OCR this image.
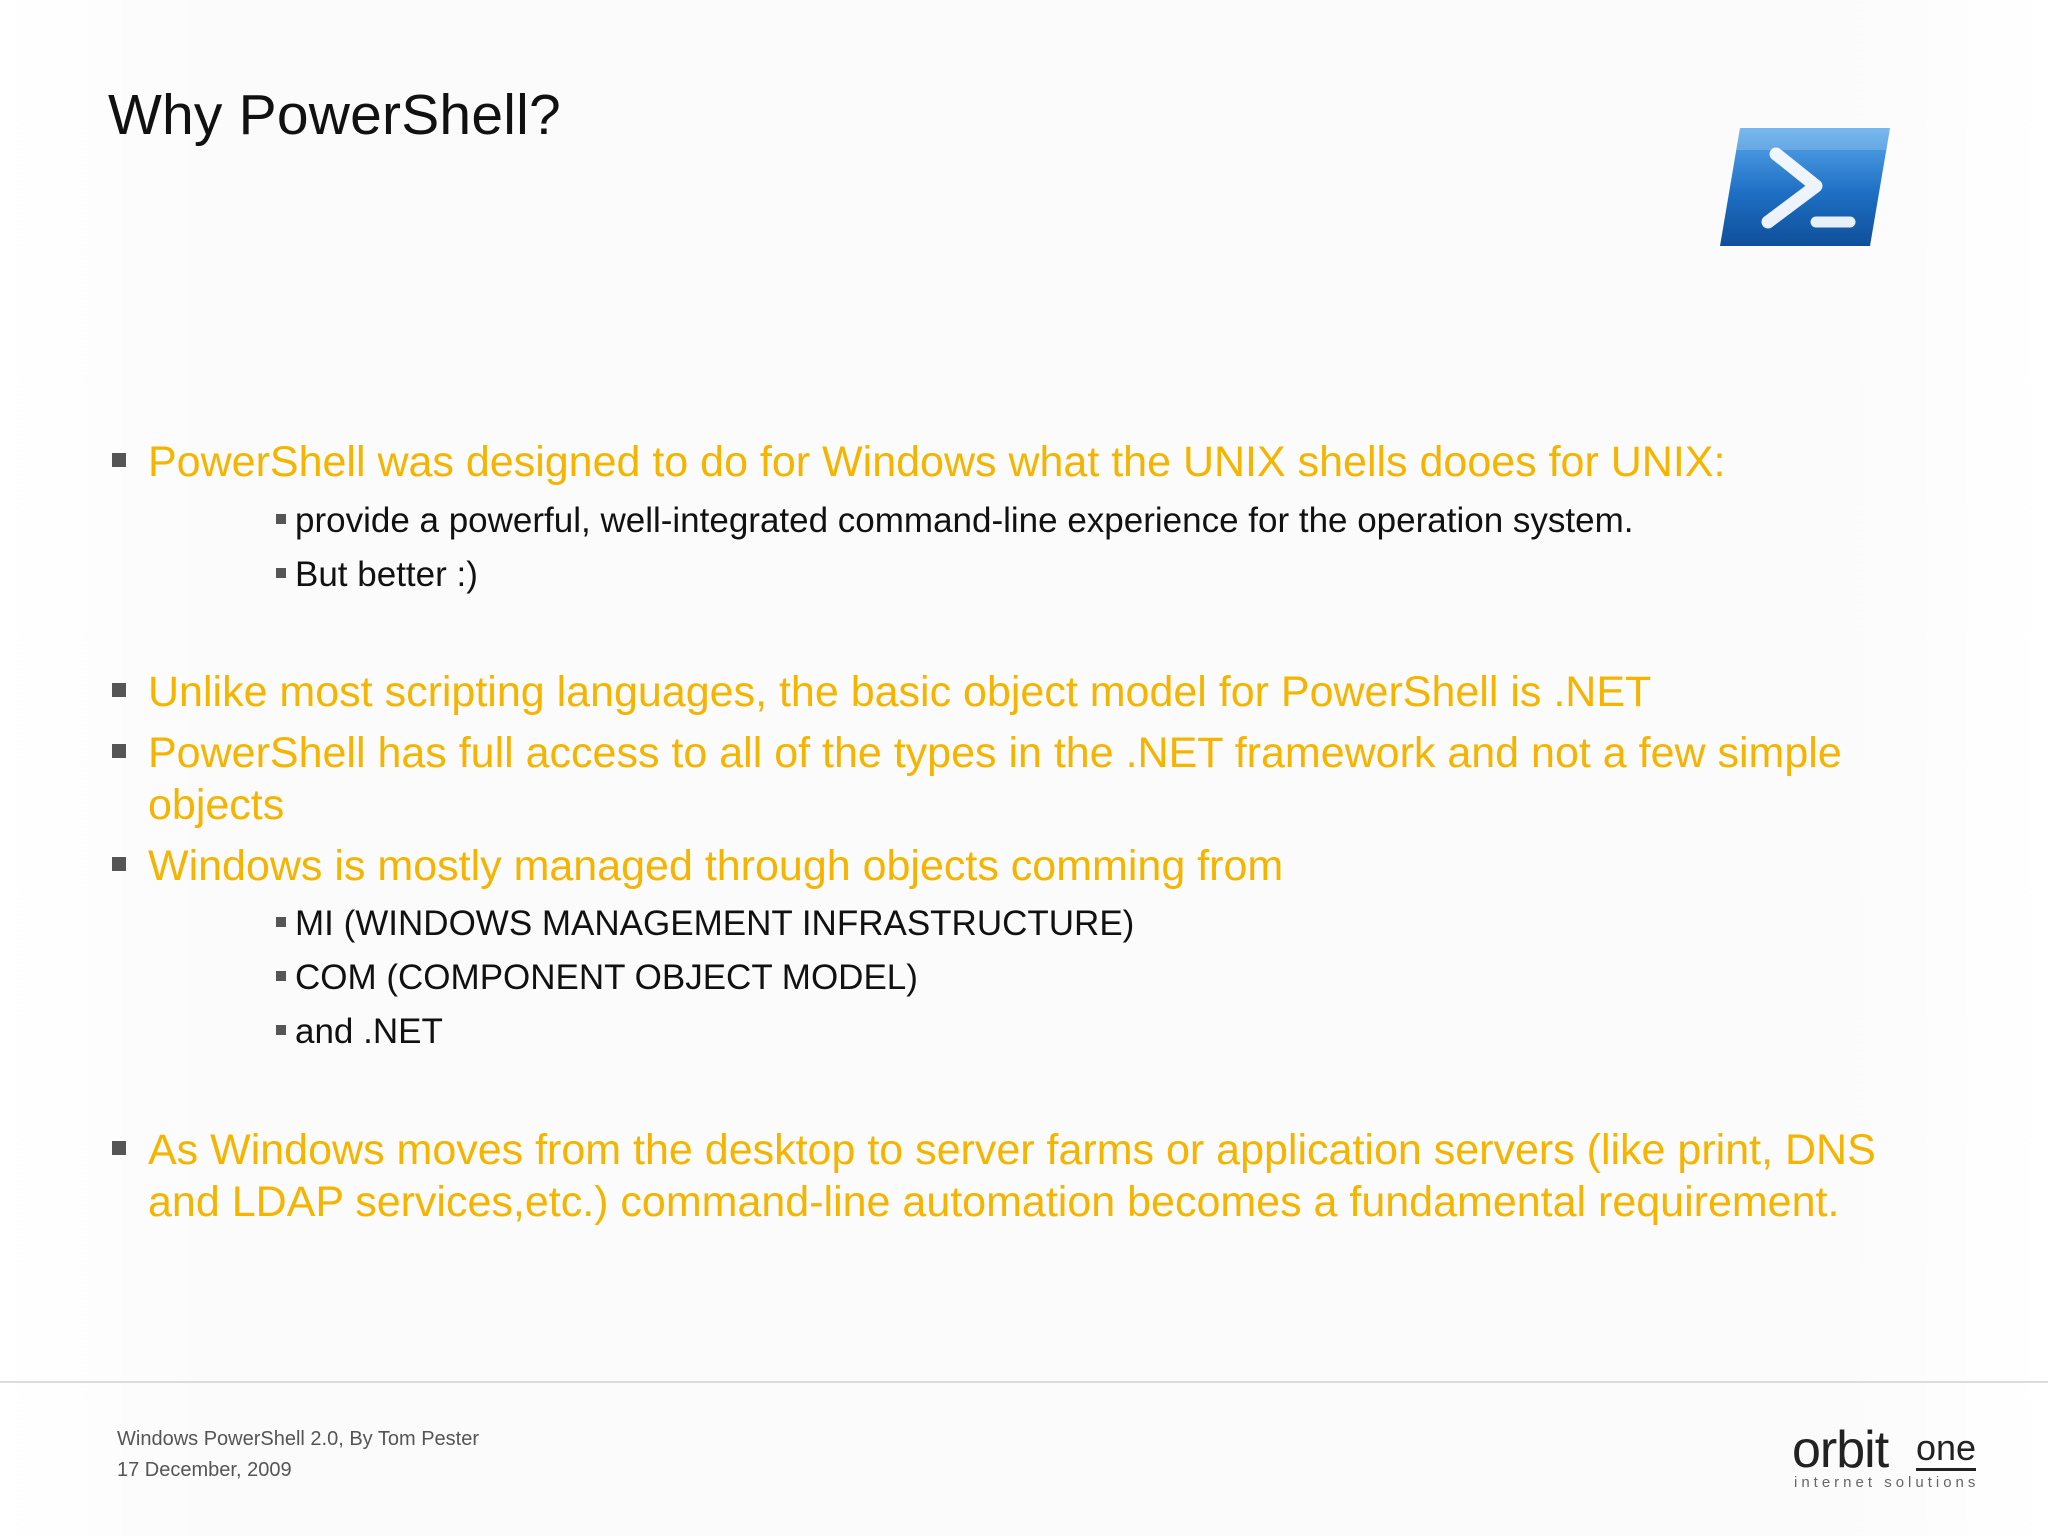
Why PowerShell?
PowerShell was designed to do for Windows what the UNIX shells dooes for UNIX:
provide a powerful, well-integrated command-line experience for the operation system.
But better :)
Unlike most scripting languages, the basic object model for PowerShell is .NET
PowerShell has full access to all of the types in the .NET framework and not a few simple objects
Windows is mostly managed through objects comming from
MI (WINDOWS MANAGEMENT INFRASTRUCTURE)
COM (COMPONENT OBJECT MODEL)
and .NET
As Windows moves from the desktop to server farms or application servers (like print, DNS and LDAP services,etc.) command-line automation becomes a fundamental requirement.
Windows PowerShell 2.0, By Tom Pester
17 December, 2009	orbit one
internet solutions
